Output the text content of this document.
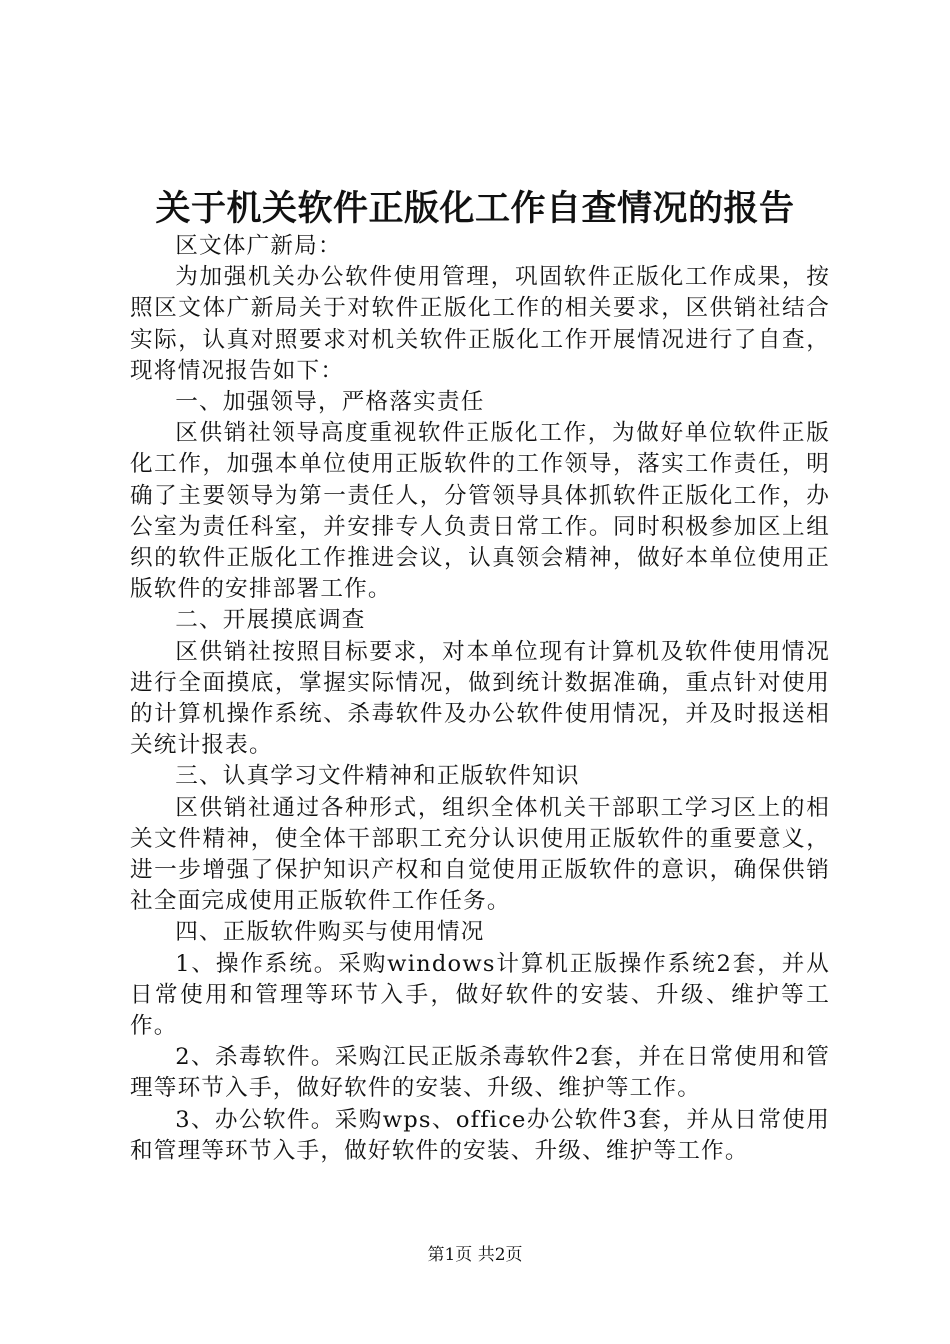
关于机关软件正版化工作自查情况的报告

区文体广新局：

为加强机关办公软件使用管理，巩固软件正版化工作成果，按照区文体广新局关于对软件正版化工作的相关要求，区供销社结合实际，认真对照要求对机关软件正版化工作开展情况进行了自查，现将情况报告如下：

一、加强领导，严格落实责任

区供销社领导高度重视软件正版化工作，为做好单位软件正版化工作，加强本单位使用正版软件的工作领导，落实工作责任，明确了主要领导为第一责任人，分管领导具体抓软件正版化工作，办公室为责任科室，并安排专人负责日常工作。同时积极参加区上组织的软件正版化工作推进会议，认真领会精神，做好本单位使用正版软件的安排部署工作。

二、开展摸底调查

区供销社按照目标要求，对本单位现有计算机及软件使用情况进行全面摸底，掌握实际情况，做到统计数据准确，重点针对使用的计算机操作系统、杀毒软件及办公软件使用情况，并及时报送相关统计报表。

三、认真学习文件精神和正版软件知识

区供销社通过各种形式，组织全体机关干部职工学习区上的相关文件精神，使全体干部职工充分认识使用正版软件的重要意义，进一步增强了保护知识产权和自觉使用正版软件的意识，确保供销社全面完成使用正版软件工作任务。

四、正版软件购买与使用情况

1、操作系统。采购windows计算机正版操作系统2套，并从日常使用和管理等环节入手，做好软件的安装、升级、维护等工作。

2、杀毒软件。采购江民正版杀毒软件2套，并在日常使用和管理等环节入手，做好软件的安装、升级、维护等工作。

3、办公软件。采购wps、office办公软件3套，并从日常使用和管理等环节入手，做好软件的安装、升级、维护等工作。

第1页 共2页
